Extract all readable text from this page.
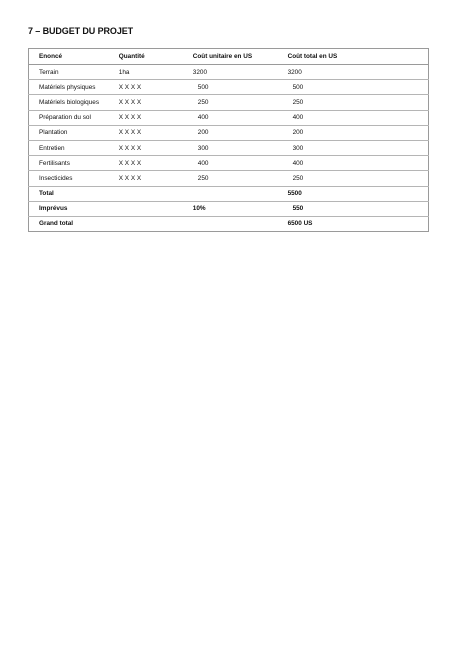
7 – BUDGET DU PROJET
Enoncé	Quantité	Coût unitaire en US	Coût total en US
Terrain	1ha	3200	3200
Matériels physiques	X X X X	500	500
Matériels biologiques	X X X X	250	250
Préparation du sol	X X X X	400	400
Plantation	X X X X	200	200
Entretien	X X X X	300	300
Fertilisants	X X X X	400	400
Insecticides	X X X X	250	250
Total			5500
Imprévus		10%	550
Grand total			6500 US
